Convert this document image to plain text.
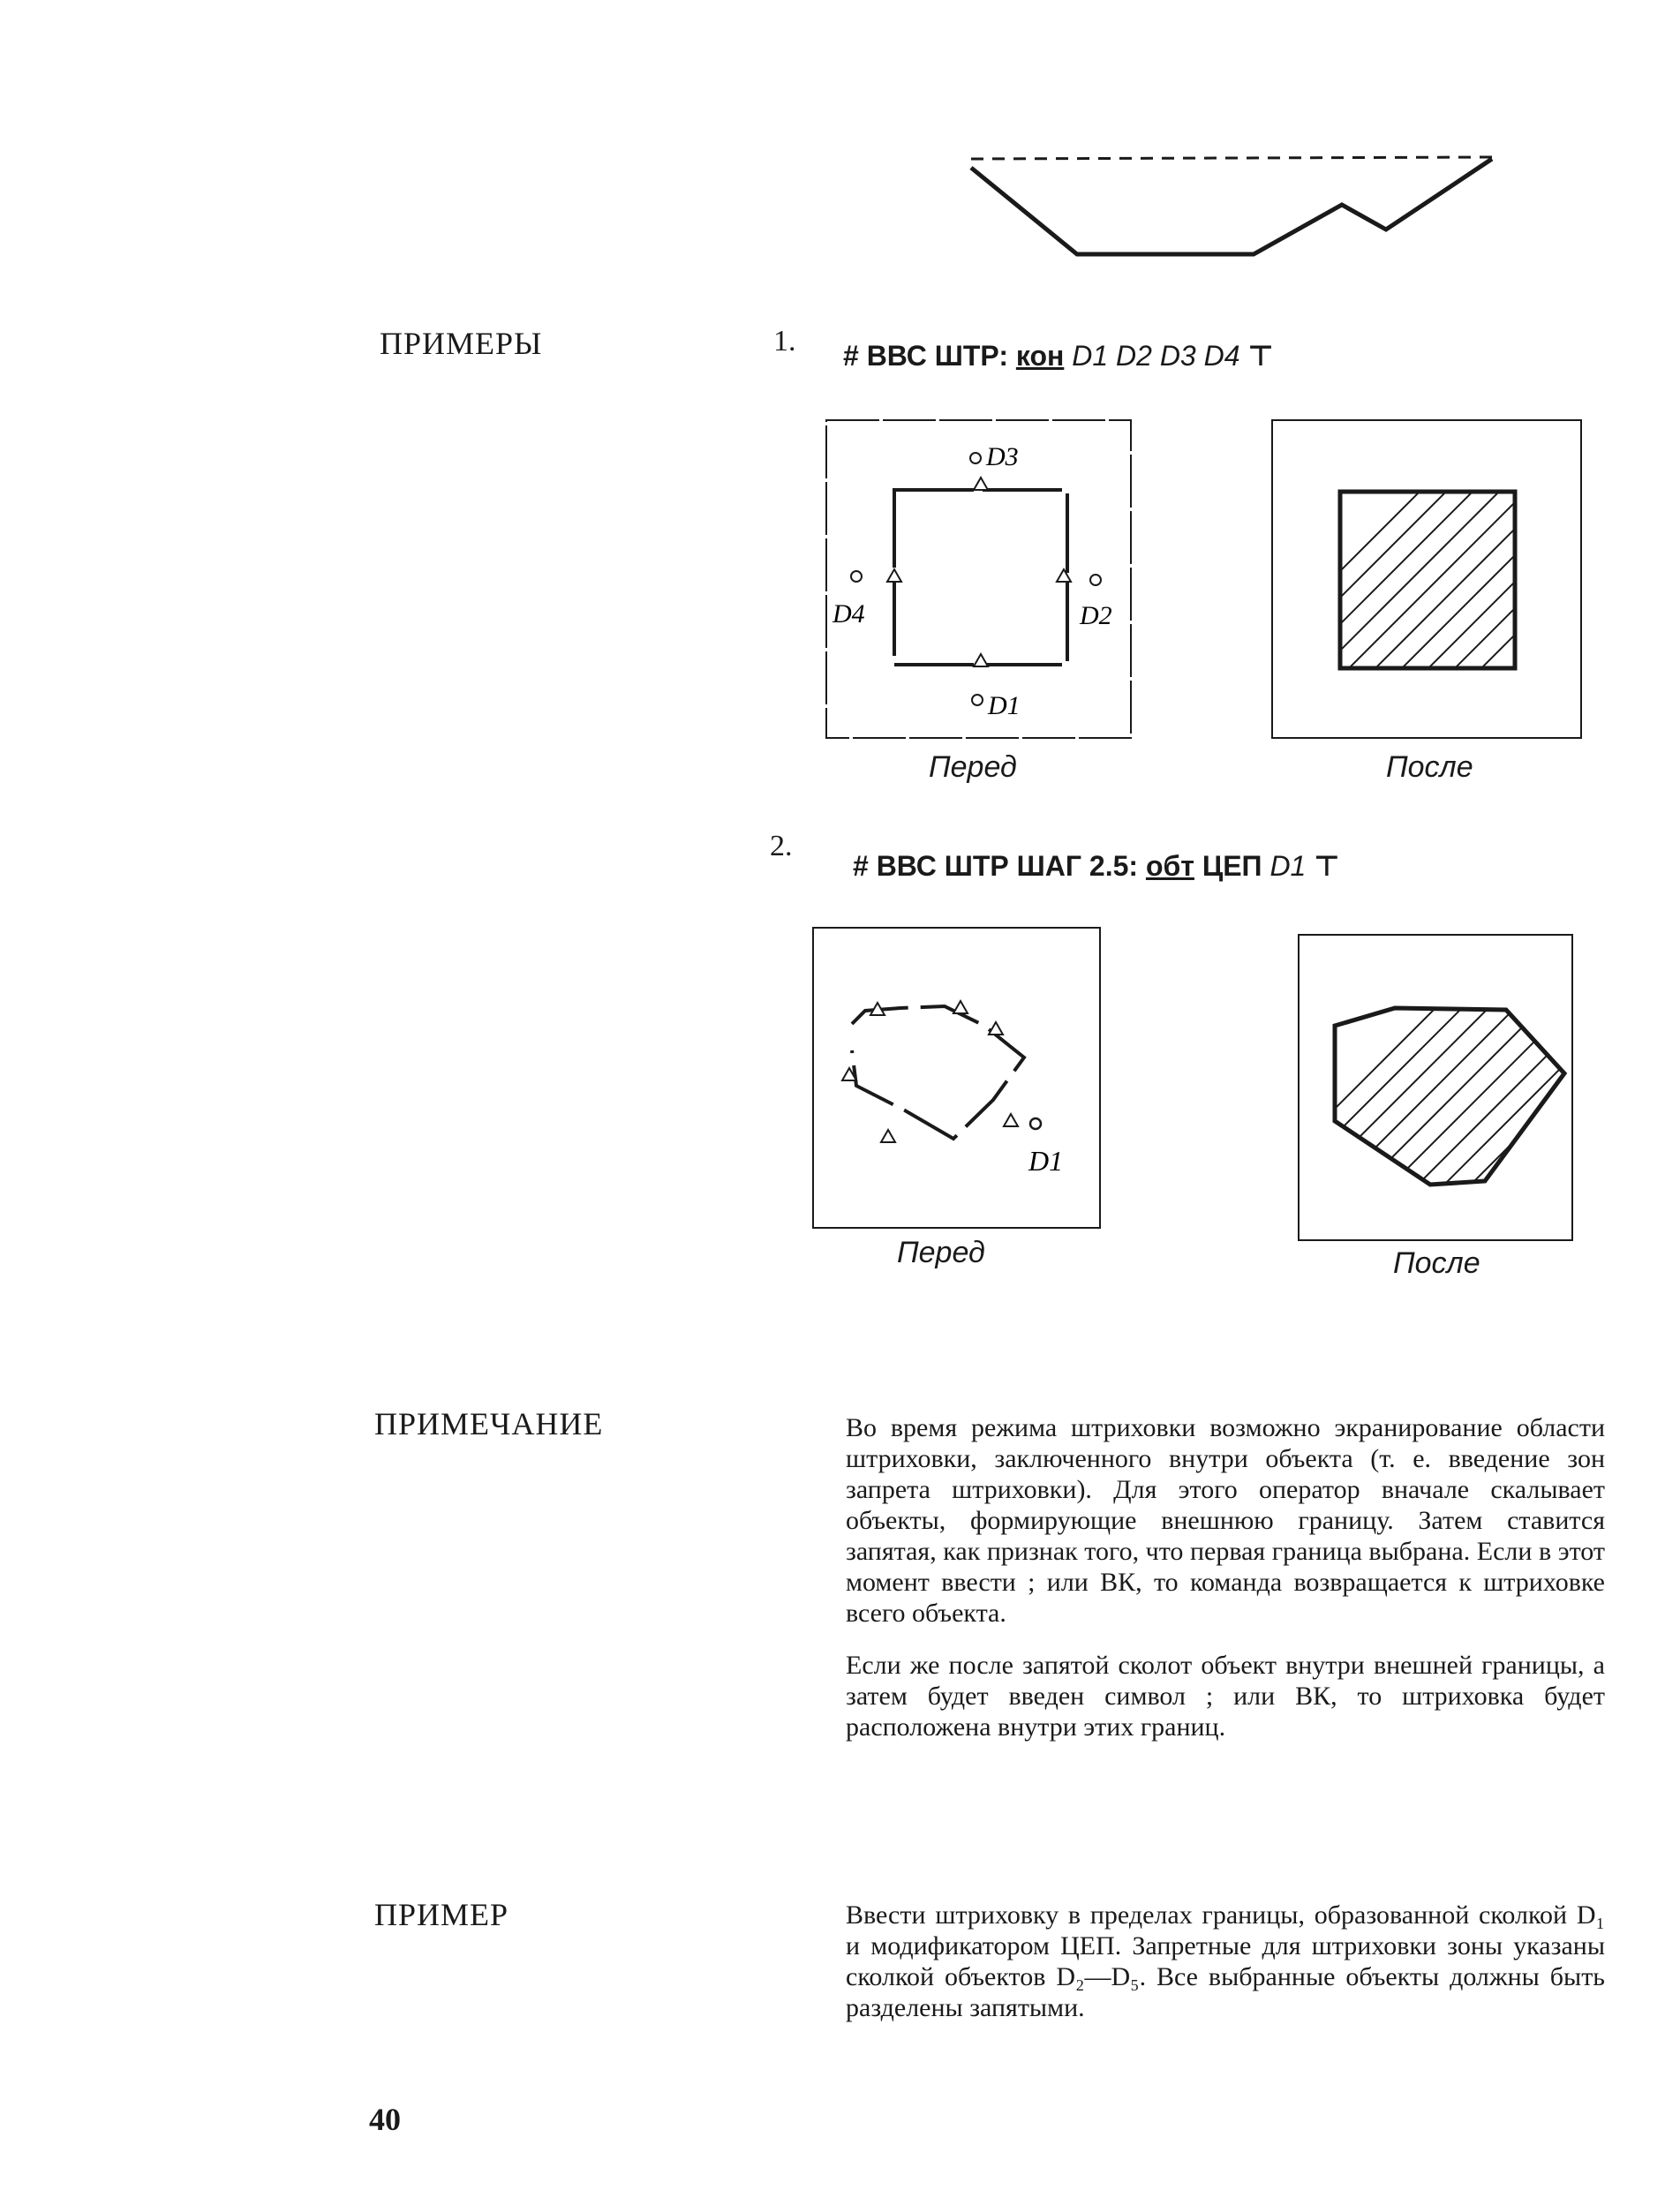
ПРИМЕРЫ	1. # ВВС ШТР: кон D1 D2 D3 D4 ⊤
D3
D1
D4	D2
Перед	После
2.
# ВВС ШТР ШАГ 2.5: обт ЦЕП D1 ⊤
D1
Перед	После
ПРИМЕЧАНИЕ	Во время режима штриховки возможно экранирование области штриховки, заключенного внутри объекта (т. е. введение зон запрета штриховки). Для этого оператор вначале скалывает объекты, формирующие внешнюю границу. Затем ставится запятая, как признак того, что первая граница выбрана. Если в этот момент ввести ; или ВК, то команда возвращается к штриховке всего объекта.

Если же после запятой сколот объект внутри внешней границы, а затем будет введен символ ; или ВК, то штриховка будет расположена внутри этих границ.

ПРИМЕР	Ввести штриховку в пределах границы, образованной сколкой D₁ и модификатором ЦЕП. Запретные для штриховки зоны указаны сколкой объектов D₂—D₅. Все выбранные объекты должны быть разделены запятыми.

40
